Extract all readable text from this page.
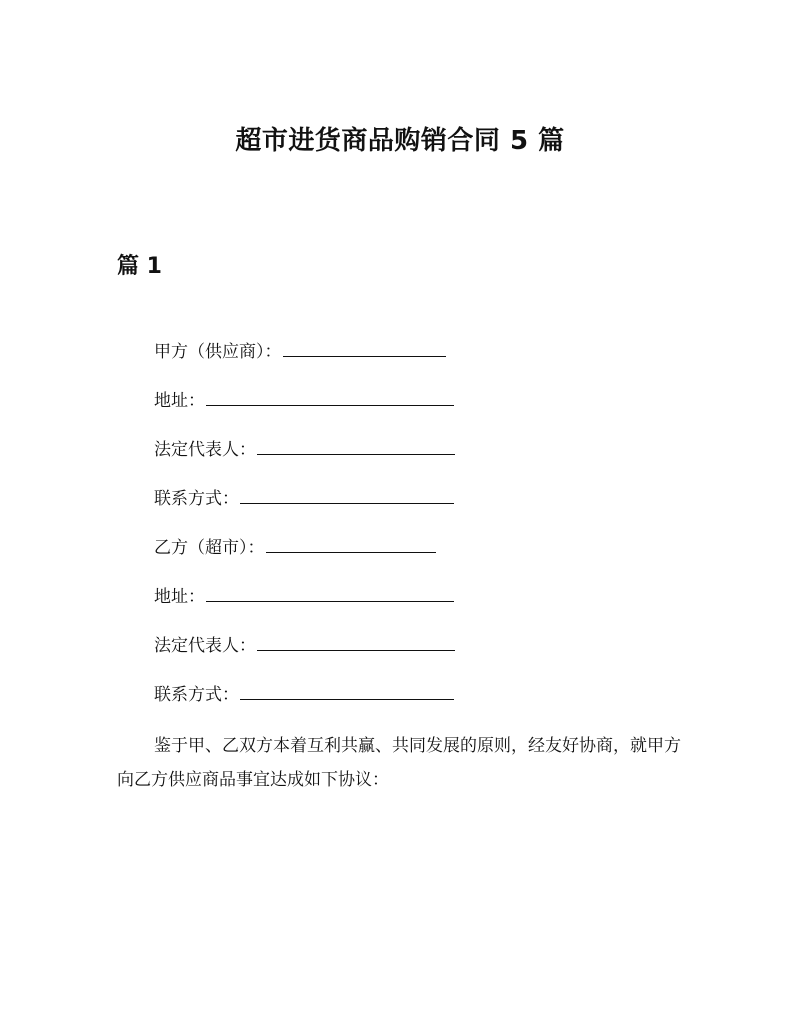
超市进货商品购销合同 5 篇
篇 1
甲方（供应商）：
地址：
法定代表人：
联系方式：
乙方（超市）：
地址：
法定代表人：
联系方式：
鉴于甲、乙双方本着互利共赢、共同发展的原则，经友好协商，就甲方向乙方供应商品事宜达成如下协议：
